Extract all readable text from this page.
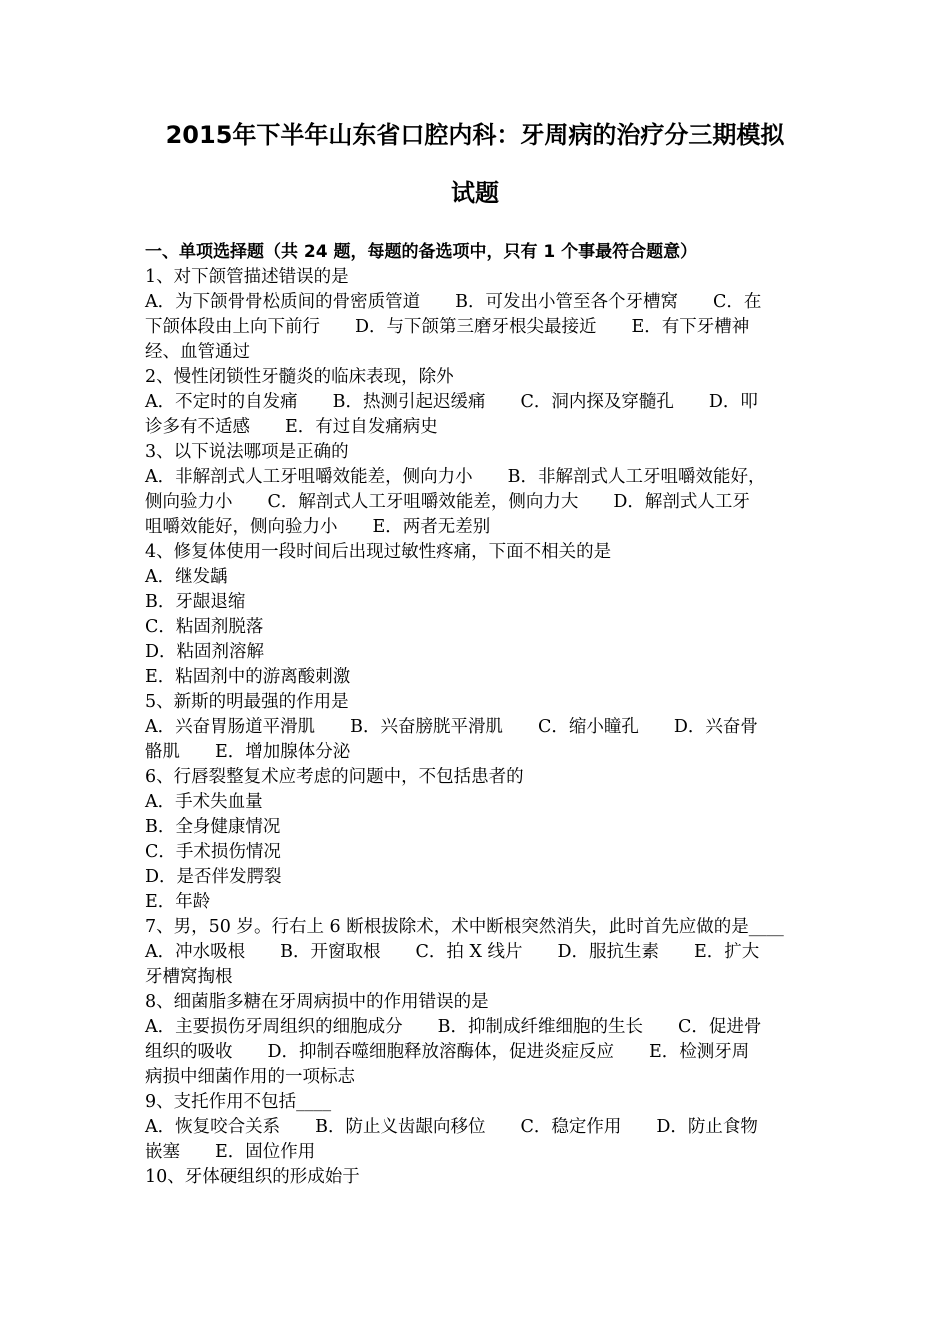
2015年下半年山东省口腔内科：牙周病的治疗分三期模拟
试题
一、单项选择题（共 24 题，每题的备选项中，只有 1 个事最符合题意）
1、对下颌管描述错误的是
A．为下颌骨骨松质间的骨密质管道　　B．可发出小管至各个牙槽窝　　C．在
下颌体段由上向下前行　　D．与下颌第三磨牙根尖最接近　　E．有下牙槽神
经、血管通过
2、慢性闭锁性牙髓炎的临床表现，除外
A．不定时的自发痛　　B．热测引起迟缓痛　　C．洞内探及穿髓孔　　D．叩
诊多有不适感　　E．有过自发痛病史
3、以下说法哪项是正确的
A．非解剖式人工牙咀嚼效能差，侧向力小　　B．非解剖式人工牙咀嚼效能好，
侧向验力小　　C．解剖式人工牙咀嚼效能差，侧向力大　　D．解剖式人工牙
咀嚼效能好，侧向验力小　　E．两者无差别
4、修复体使用一段时间后出现过敏性疼痛，下面不相关的是
A．继发龋
B．牙龈退缩
C．粘固剂脱落
D．粘固剂溶解
E．粘固剂中的游离酸刺激
5、新斯的明最强的作用是
A．兴奋胃肠道平滑肌　　B．兴奋膀胱平滑肌　　C．缩小瞳孔　　D．兴奋骨
骼肌　　E．增加腺体分泌
6、行唇裂整复术应考虑的问题中，不包括患者的
A．手术失血量
B．全身健康情况
C．手术损伤情况
D．是否伴发腭裂
E．年龄
7、男，50 岁。行右上 6 断根拔除术，术中断根突然消失，此时首先应做的是____
A．冲水吸根　　B．开窗取根　　C．拍 X 线片　　D．服抗生素　　E．扩大
牙槽窝掏根
8、细菌脂多糖在牙周病损中的作用错误的是
A．主要损伤牙周组织的细胞成分　　B．抑制成纤维细胞的生长　　C．促进骨
组织的吸收　　D．抑制吞噬细胞释放溶酶体，促进炎症反应　　E．检测牙周
病损中细菌作用的一项标志
9、支托作用不包括____
A．恢复咬合关系　　B．防止义齿龈向移位　　C．稳定作用　　D．防止食物
嵌塞　　E．固位作用
10、牙体硬组织的形成始于
